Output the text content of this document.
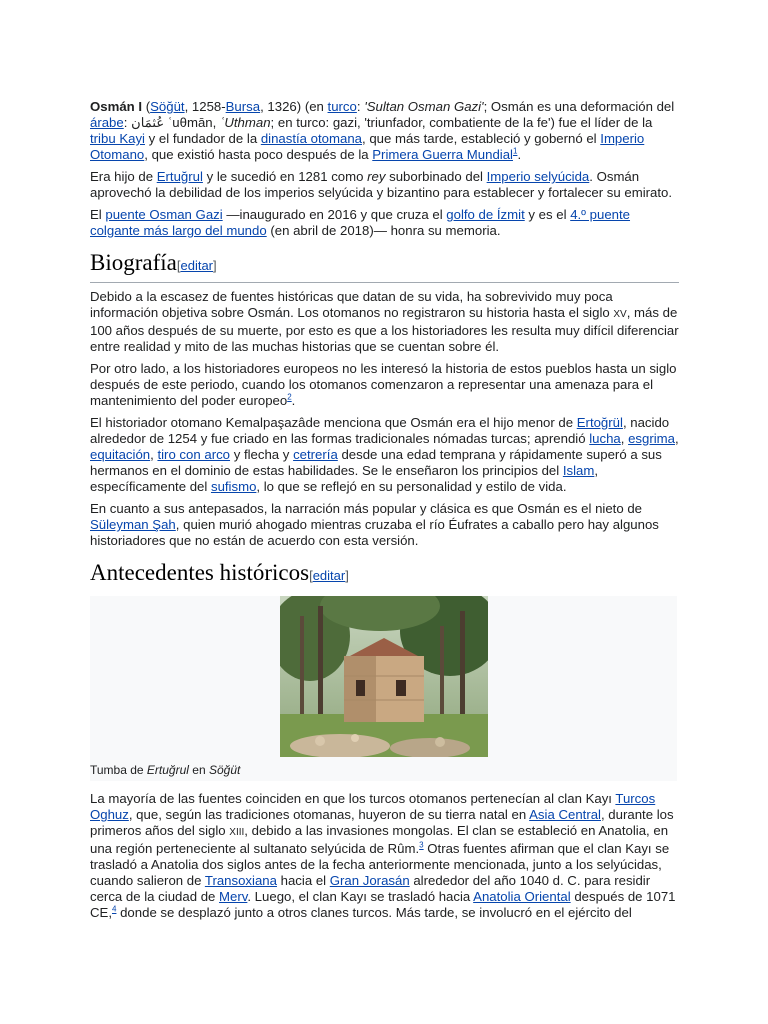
Osmán I (Söğüt, 1258-Bursa, 1326) (en turco: 'Sultan Osman Gazi'; Osmán es una deformación del árabe: عُثمَان ʿuθmān, ʿUthman; en turco: gazi, 'triunfador, combatiente de la fe') fue el líder de la tribu Kayi y el fundador de la dinastía otomana, que más tarde, estableció y gobernó el Imperio Otomano, que existió hasta poco después de la Primera Guerra Mundial$^1$.

Era hijo de Ertuğrul y le sucedió en 1281 como rey suborbinado del Imperio selyúcida. Osmán aprovechó la debilidad de los imperios selyúcida y bizantino para establecer y fortalecer su emirato.

El puente Osman Gazi —inaugurado en 2016 y que cruza el golfo de Ízmit y es el 4.º puente colgante más largo del mundo (en abril de 2018)— honra su memoria.

Biografía[editar]

Debido a la escasez de fuentes históricas que datan de su vida, ha sobrevivido muy poca información objetiva sobre Osmán. Los otomanos no registraron su historia hasta el siglo XV, más de 100 años después de su muerte, por esto es que a los historiadores les resulta muy difícil diferenciar entre realidad y mito de las muchas historias que se cuentan sobre él.

Por otro lado, a los historiadores europeos no les interesó la historia de estos pueblos hasta un siglo después de este periodo, cuando los otomanos comenzaron a representar una amenaza para el mantenimiento del poder europeo$^2$.

El historiador otomano Kemalpaşazâde menciona que Osmán era el hijo menor de Ertoğrül, nacido alrededor de 1254 y fue criado en las formas tradicionales nómadas turcas; aprendió lucha, esgrima, equitación, tiro con arco y flecha y cetrería desde una edad temprana y rápidamente superó a sus hermanos en el dominio de estas habilidades. Se le enseñaron los principios del Islam, específicamente del sufismo, lo que se reflejó en su personalidad y estilo de vida.

En cuanto a sus antepasados, la narración más popular y clásica es que Osmán es el nieto de Süleyman Şah, quien murió ahogado mientras cruzaba el río Éufrates a caballo pero hay algunos historiadores que no están de acuerdo con esta versión.

Antecedentes históricos[editar]
Tumba de Ertuğrul en Söğüt

La mayoría de las fuentes coinciden en que los turcos otomanos pertenecían al clan Kayı Turcos Oghuz, que, según las tradiciones otomanas, huyeron de su tierra natal en Asia Central, durante los primeros años del siglo XIII, debido a las invasiones mongolas. El clan se estableció en Anatolia, en una región perteneciente al sultanato selyúcida de Rûm.$^3$ Otras fuentes afirman que el clan Kayı se trasladó a Anatolia dos siglos antes de la fecha anteriormente mencionada, junto a los selyúcidas, cuando salieron de Transoxiana hacia el Gran Jorasán alrededor del año 1040 d. C. para residir cerca de la ciudad de Merv. Luego, el clan Kayı se trasladó hacia Anatolia Oriental después de 1071 CE,$^4$ donde se desplazó junto a otros clanes turcos. Más tarde, se involucró en el ejército del
